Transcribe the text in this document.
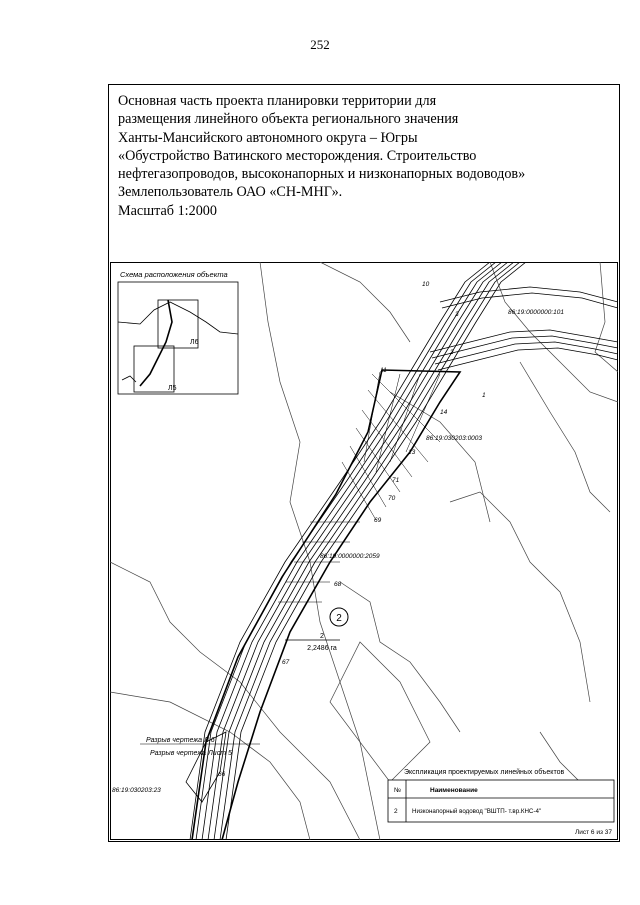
252
Основная часть проекта планировки территории для
размещения линейного объекта регионального значения
Ханты-Мансийского автономного округа – Югры
«Обустройство Ватинского месторождения. Строительство
нефтегазопроводов, высоконапорных и низконапорных водоводов»
Землепользователь ОАО «СН-МНГ».
Масштаб 1:2000
Схема расположения объекта
Л6
Л5
10
3
2
1
11
14
13
71
70
69
68
67
66
86:19:0000000:101
86:19:030203:0003
86:19:0000000:2059
86:19:030203:23
2
2
2,2486 га
Разрыв чертежа Л 6
Разрыв чертежа Лист 5
Экспликация проектируемых линейных объектов
№	Наименование
2 Низконапорный водовод "ВШТП- т.вр.КНС-4"
Лист 6 из 37
